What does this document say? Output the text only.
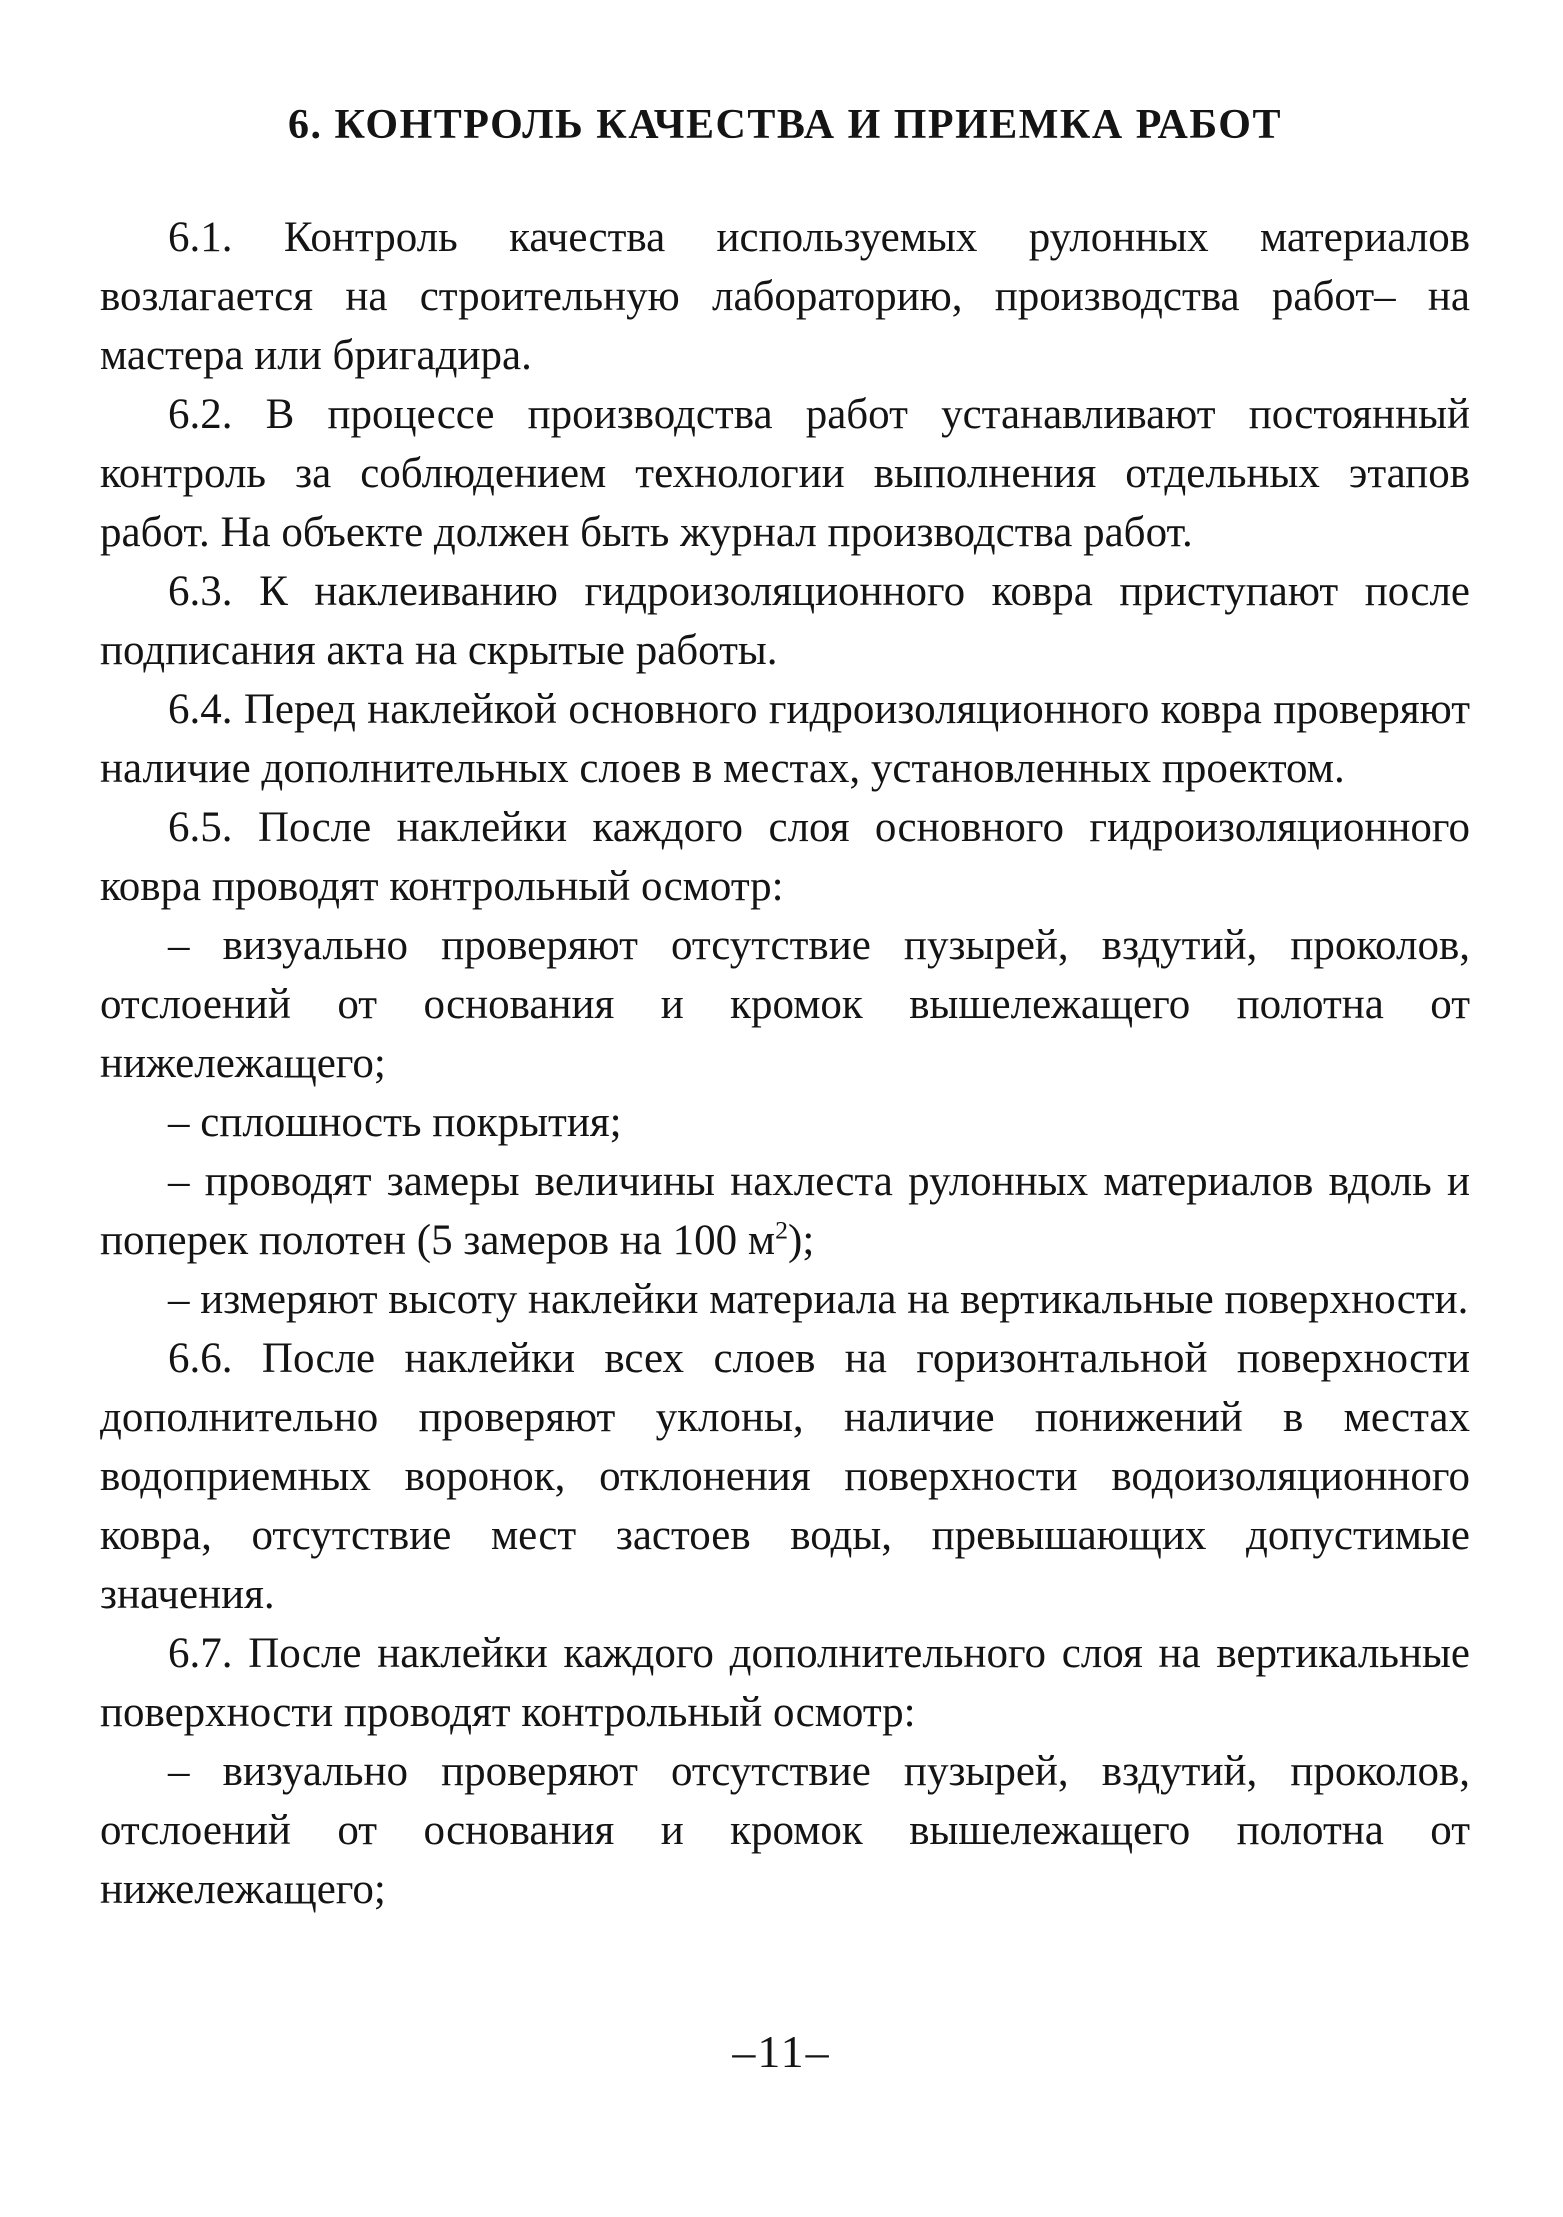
6. КОНТРОЛЬ КАЧЕСТВА И ПРИЕМКА РАБОТ

6.1. Контроль качества используемых рулонных материалов возлагается на строительную лабораторию, производства работ– на мастера или бригадира.

6.2. В процессе производства работ устанавливают постоянный контроль за соблюдением технологии выполнения отдельных этапов работ. На объекте должен быть журнал производства работ.

6.3. К наклеиванию гидроизоляционного ковра приступают после подписания акта на скрытые работы.

6.4. Перед наклейкой основного гидроизоляционного ковра проверяют наличие дополнительных слоев в местах, установленных проектом.

6.5. После наклейки каждого слоя основного гидроизоляционного ковра проводят контрольный осмотр:

– визуально проверяют отсутствие пузырей, вздутий, проколов, отслоений от основания и кромок вышележащего полотна от нижележащего;

– сплошность покрытия;

– проводят замеры величины нахлеста рулонных материалов вдоль и поперек полотен (5 замеров на 100 $м^2$);

– измеряют высоту наклейки материала на вертикальные поверхности.

6.6. После наклейки всех слоев на горизонтальной поверхности дополнительно проверяют уклоны, наличие понижений в местах водоприемных воронок, отклонения поверхности водоизоляционного ковра, отсутствие мест застоев воды, превышающих допустимые значения.

6.7. После наклейки каждого дополнительного слоя на вертикальные поверхности проводят контрольный осмотр:

– визуально проверяют отсутствие пузырей, вздутий, проколов, отслоений от основания и кромок вышележащего полотна от нижележащего;

–11–
